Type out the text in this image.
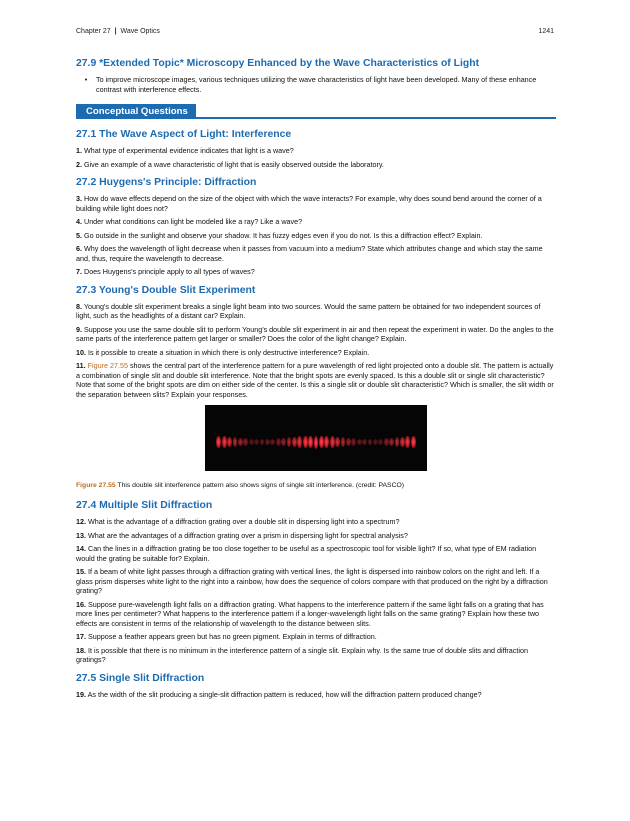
Chapter 27 | Wave Optics	1241
27.9 *Extended Topic* Microscopy Enhanced by the Wave Characteristics of Light
•	To improve microscope images, various techniques utilizing the wave characteristics of light have been developed. Many of these enhance contrast with interference effects.
Conceptual Questions
27.1 The Wave Aspect of Light: Interference

1. What type of experimental evidence indicates that light is a wave?

2. Give an example of a wave characteristic of light that is easily observed outside the laboratory.

27.2 Huygens's Principle: Diffraction

3. How do wave effects depend on the size of the object with which the wave interacts? For example, why does sound bend around the corner of a building while light does not?

4. Under what conditions can light be modeled like a ray? Like a wave?

5. Go outside in the sunlight and observe your shadow. It has fuzzy edges even if you do not. Is this a diffraction effect? Explain.

6. Why does the wavelength of light decrease when it passes from vacuum into a medium? State which attributes change and which stay the same and, thus, require the wavelength to decrease.

7. Does Huygens's principle apply to all types of waves?

27.3 Young's Double Slit Experiment

8. Young's double slit experiment breaks a single light beam into two sources. Would the same pattern be obtained for two independent sources of light, such as the headlights of a distant car? Explain.

9. Suppose you use the same double slit to perform Young's double slit experiment in air and then repeat the experiment in water. Do the angles to the same parts of the interference pattern get larger or smaller? Does the color of the light change? Explain.

10. Is it possible to create a situation in which there is only destructive interference? Explain.

11. Figure 27.55 shows the central part of the interference pattern for a pure wavelength of red light projected onto a double slit. The pattern is actually a combination of single slit and double slit interference. Note that the bright spots are evenly spaced. Is this a double slit or single slit characteristic? Note that some of the bright spots are dim on either side of the center. Is this a single slit or double slit characteristic? Which is smaller, the slit width or the separation between slits? Explain your responses.

Figure 27.55 This double slit interference pattern also shows signs of single slit interference. (credit: PASCO)

27.4 Multiple Slit Diffraction

12. What is the advantage of a diffraction grating over a double slit in dispersing light into a spectrum?

13. What are the advantages of a diffraction grating over a prism in dispersing light for spectral analysis?

14. Can the lines in a diffraction grating be too close together to be useful as a spectroscopic tool for visible light? If so, what type of EM radiation would the grating be suitable for? Explain.

15. If a beam of white light passes through a diffraction grating with vertical lines, the light is dispersed into rainbow colors on the right and left. If a glass prism disperses white light to the right into a rainbow, how does the sequence of colors compare with that produced on the right by a diffraction grating?

16. Suppose pure-wavelength light falls on a diffraction grating. What happens to the interference pattern if the same light falls on a grating that has more lines per centimeter? What happens to the interference pattern if a longer-wavelength light falls on the same grating? Explain how these two effects are consistent in terms of the relationship of wavelength to the distance between slits.

17. Suppose a feather appears green but has no green pigment. Explain in terms of diffraction.

18. It is possible that there is no minimum in the interference pattern of a single slit. Explain why. Is the same true of double slits and diffraction gratings?

27.5 Single Slit Diffraction

19. As the width of the slit producing a single-slit diffraction pattern is reduced, how will the diffraction pattern produced change?
